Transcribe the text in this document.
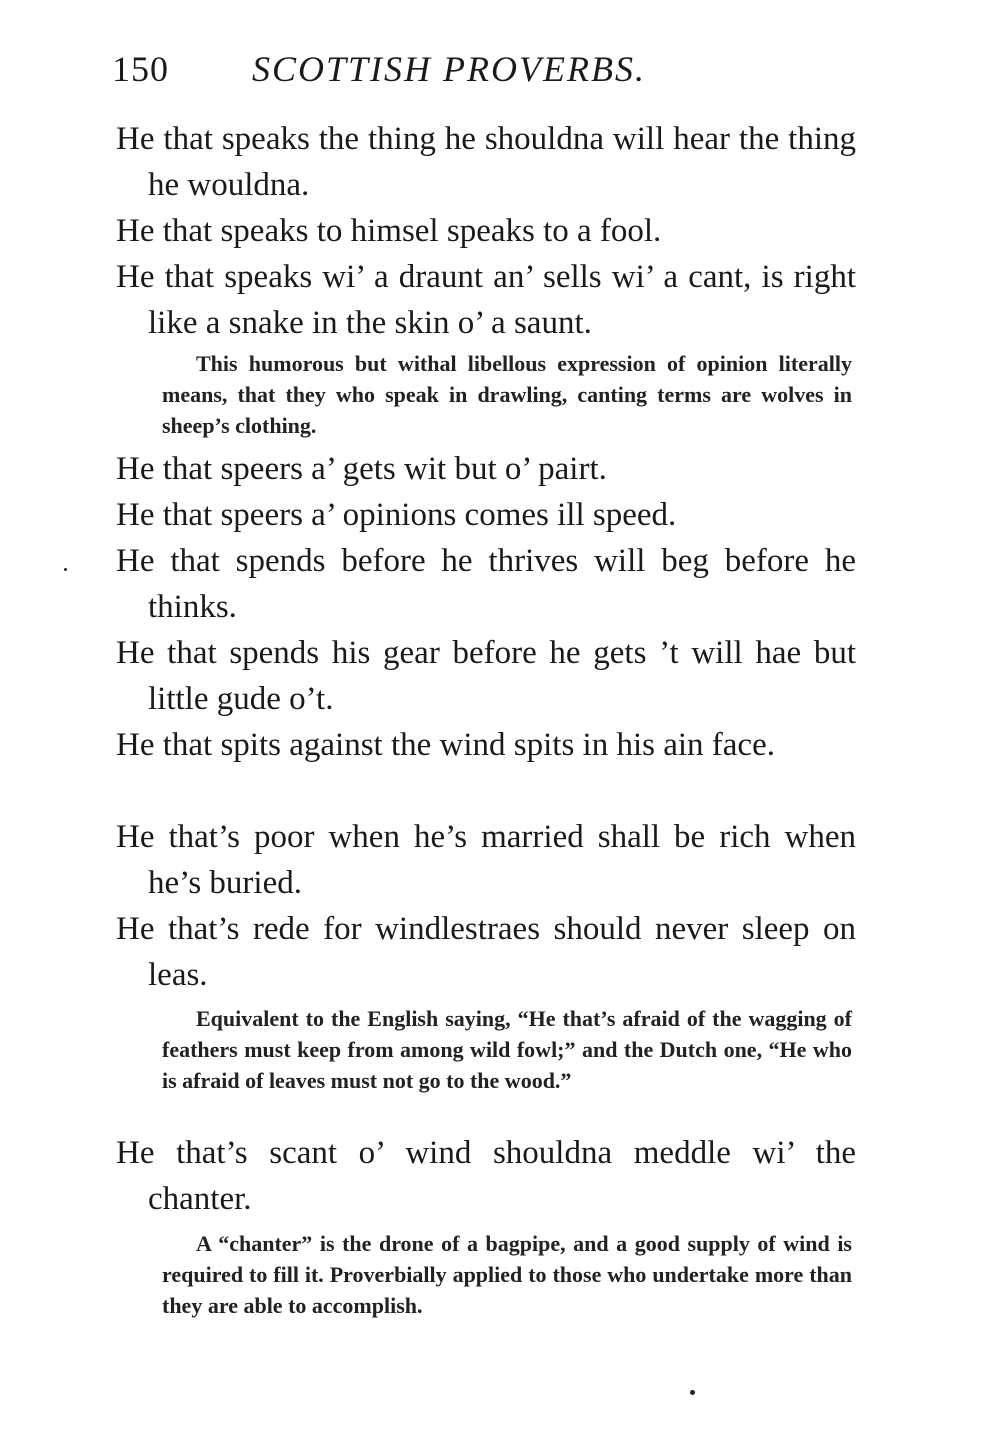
150 SCOTTISH PROVERBS.

He that speaks the thing he shouldna will hear the thing he wouldna.

He that speaks to himsel speaks to a fool.

He that speaks wi’ a draunt an’ sells wi’ a cant, is right like a snake in the skin o’ a saunt.

This humorous but withal libellous expression of opinion literally means, that they who speak in drawling, canting terms are wolves in sheep’s clothing.

He that speers a’ gets wit but o’ pairt.

He that speers a’ opinions comes ill speed.

He that spends before he thrives will beg before he thinks.

He that spends his gear before he gets ’t will hae but little gude o’t.

He that spits against the wind spits in his ain face.

He that’s poor when he’s married shall be rich when he’s buried.

He that’s rede for windlestraes should never sleep on leas.

Equivalent to the English saying, “He that’s afraid of the wagging of feathers must keep from among wild fowl;” and the Dutch one, “He who is afraid of leaves must not go to the wood.”

He that’s scant o’ wind shouldna meddle wi’ the chanter.

A “chanter” is the drone of a bagpipe, and a good supply of wind is required to fill it. Proverbially applied to those who undertake more than they are able to accomplish.
